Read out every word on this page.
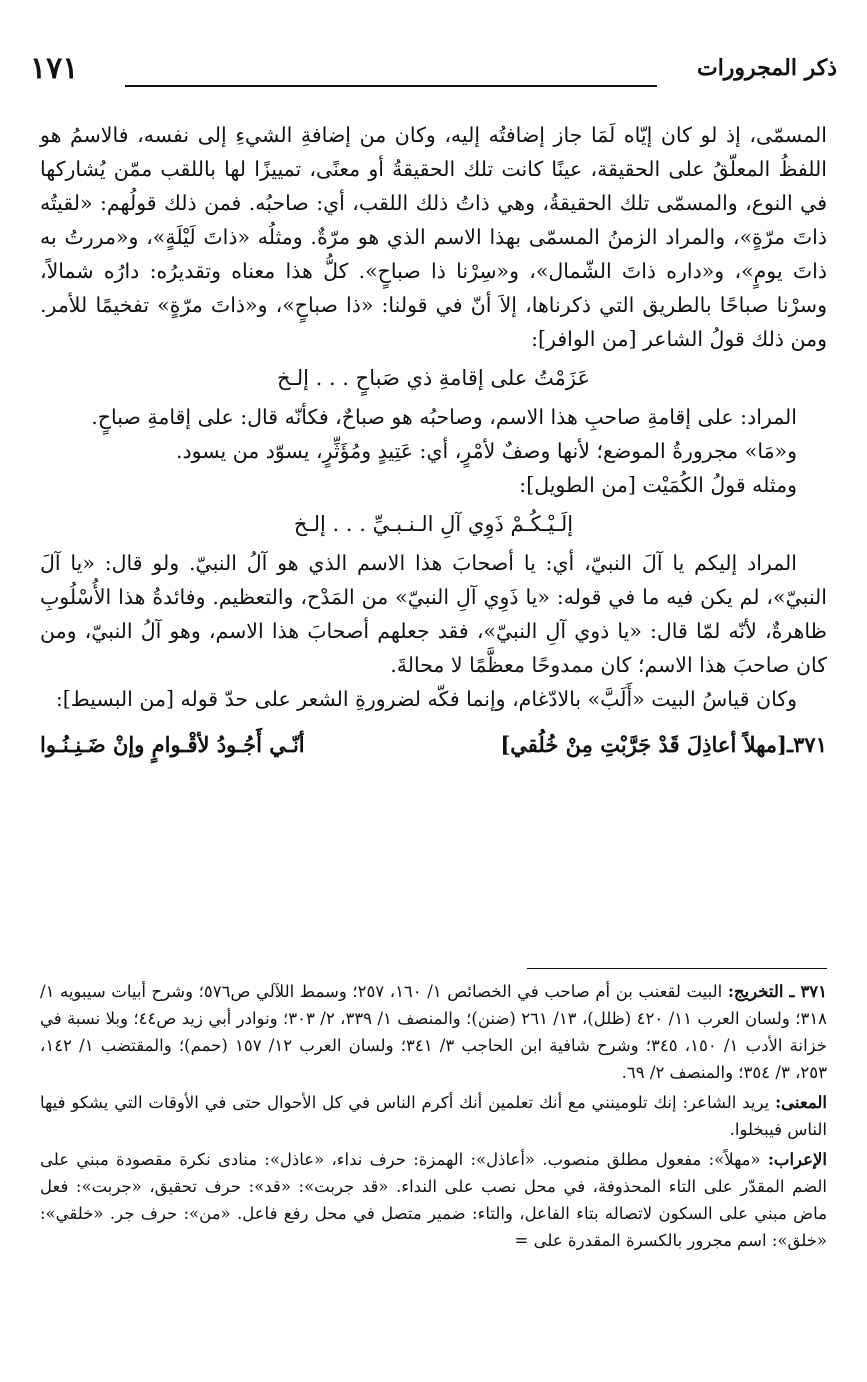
ذكر المجرورات
١٧١

المسمّى، إذ لو كان إيّاه لَمَا جاز إضافتُه إليه، وكان من إضافةِ الشيءِ إلى نفسه، فالاسمُ هو اللفظُ المعلّقُ على الحقيقة، عينًا كانت تلك الحقيقةُ أو معنًى، تمييزًا لها باللقب ممّن يُشاركها في النوع، والمسمّى تلك الحقيقةُ، وهي ذاتُ ذلك اللقب، أي: صاحبُه. فمن ذلك قولُهم: «لقيتُه ذاتَ مرّةٍ»، والمراد الزمنُ المسمّى بهذا الاسم الذي هو مرّةٌ. ومثلُه «ذاتَ لَيْلَةٍ»، و«مررتُ به ذاتَ يومٍ»، و«داره ذاتَ الشّمال»، و«سِرْنا ذا صباحٍ». كلُّ هذا معناه وتقديرُه: دارُه شمالاً، وسرْنا صباحًا بالطريق التي ذكرناها، إلاَ أنّ في قولنا: «ذا صباحٍ»، و«ذاتَ مرّةٍ» تفخيمًا للأمر. ومن ذلك قولُ الشاعر [من الوافر]:

عَزَمْتُ على إقامةِ ذي صَباحٍ . . . إلـخ

المراد: على إقامةِ صاحبِ هذا الاسم، وصاحبُه هو صباحٌ، فكأنّه قال: على إقامةِ صباحٍ.

و«مَا» مجرورةُ الموضع؛ لأنها وصفٌ لأمْرٍ، أي: عَتِيدٍ ومُؤَثِّرٍ، يسوّد من يسود.

ومثله قولُ الكُمَيْت [من الطويل]:

إلَـيْـكُـمْ ذَوِي آلِ الـنـبـيِّ . . . إلـخ

المراد إليكم يا آلَ النبيّ، أي: يا أصحابَ هذا الاسم الذي هو آلُ النبيّ. ولو قال: «يا آلَ النبيّ»، لم يكن فيه ما في قوله: «يا ذَوِي آلِ النبيّ» من المَدْح، والتعظيم. وفائدةُ هذا الأُسْلُوبِ ظاهرةٌ، لأنّه لمّا قال: «يا ذوي آلِ النبيّ»، فقد جعلهم أصحابَ هذا الاسم، وهو آلُ النبيّ، ومن كان صاحبَ هذا الاسم؛ كان ممدوحًا معظَّمًا لا محالةَ.

وكان قياسُ البيت «أَلَبَّ» بالادّغام، وإنما فكّه لضرورةِ الشعر على حدّ قوله [من البسيط]:

٣٧١ـ[مهلاً أعاذِلَ قَدْ جَرَّبْتِ مِنْ خُلُقي]
أنّـي أَجُـودُ لأقْـوامٍ وإنْ ضَـنِـنُـوا

٣٧١ ـ التخريج: البيت لقعنب بن أم صاحب في الخصائص ١/ ١٦٠، ٢٥٧؛ وسمط اللآلي ص٥٧٦؛ وشرح أبيات سيبويه ١/ ٣١٨؛ ولسان العرب ١١/ ٤٢٠ (ظلل)، ١٣/ ٢٦١ (ضنن)؛ والمنصف ١/ ٣٣٩، ٢/ ٣٠٣؛ ونوادر أبي زيد ص٤٤؛ وبلا نسبة في خزانة الأدب ١/ ١٥٠، ٣٤٥؛ وشرح شافية ابن الحاجب ٣/ ٣٤١؛ ولسان العرب ١٢/ ١٥٧ (حمم)؛ والمقتضب ١/ ١٤٢، ٢٥٣، ٣/ ٣٥٤؛ والمنصف ٢/ ٦٩.

المعنى: يريد الشاعر: إنك تلومينني مع أنك تعلمين أنك أكرم الناس في كل الأحوال حتى في الأوقات التي يشكو فيها الناس فيبخلوا.

الإعراب: «مهلاً»: مفعول مطلق منصوب. «أعاذل»: الهمزة: حرف نداء، «عاذل»: منادى نكرة مقصودة مبني على الضم المقدّر على التاء المحذوفة، في محل نصب على النداء. «قد جربت»: «قد»: حرف تحقيق، «جربت»: فعل ماض مبني على السكون لاتصاله بتاء الفاعل، والتاء: ضمير متصل في محل رفع فاعل. «من»: حرف جر. «خلقي»: «خلق»: اسم مجرور بالكسرة المقدرة على =
